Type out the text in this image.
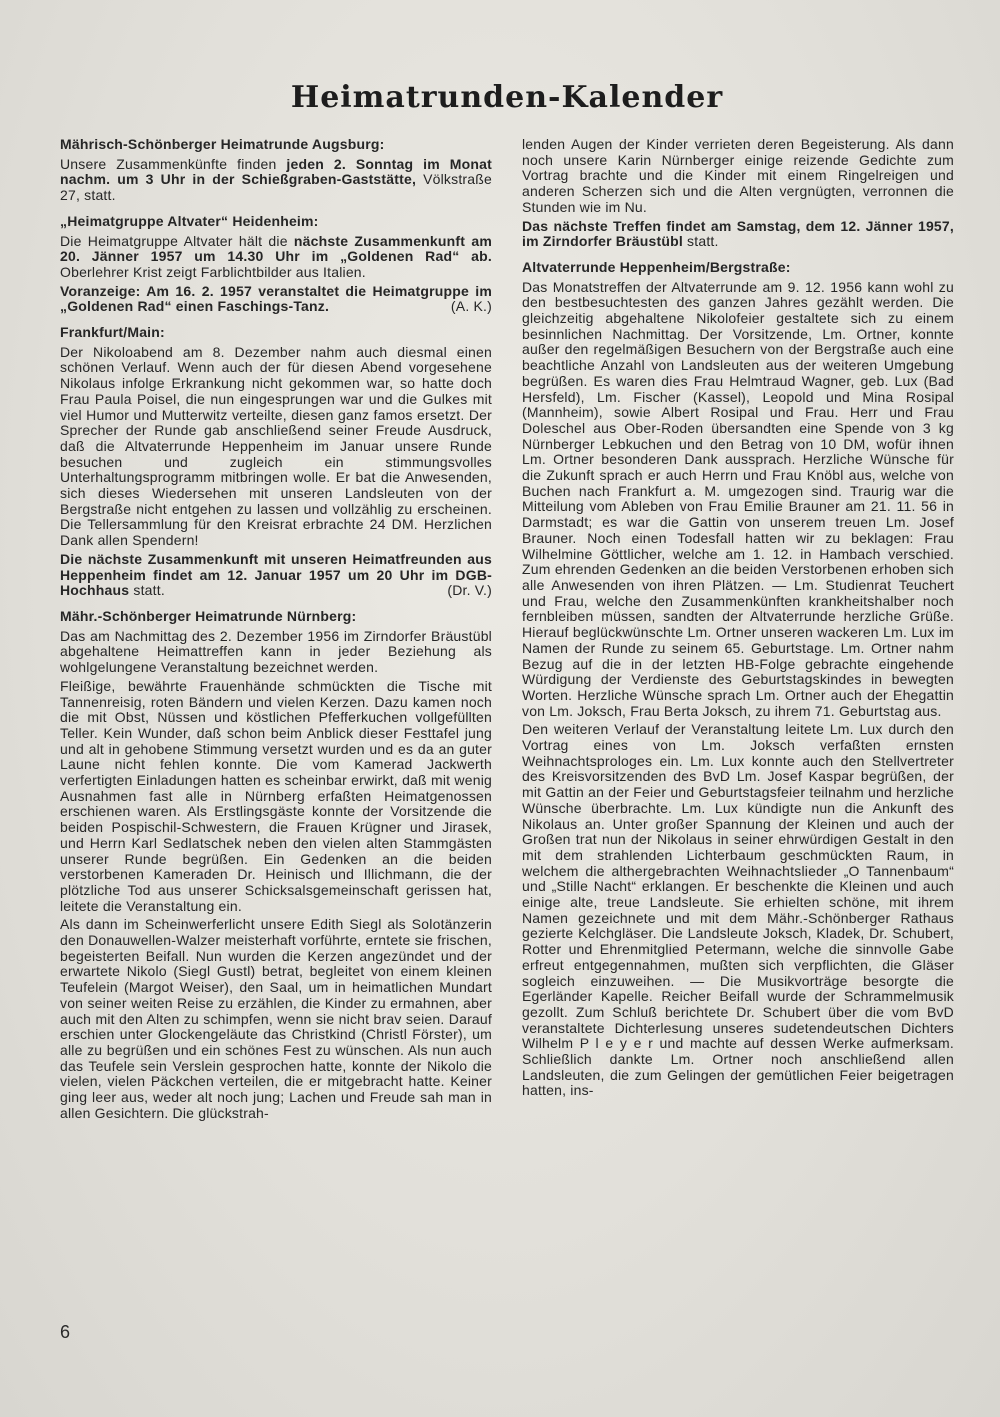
Heimatrunden-Kalender
Mährisch-Schönberger Heimatrunde Augsburg:

Unsere Zusammenkünfte finden jeden 2. Sonntag im Monat nachm. um 3 Uhr in der Schießgraben-Gaststätte, Völkstraße 27, statt.

„Heimatgruppe Altvater“ Heidenheim:

Die Heimatgruppe Altvater hält die nächste Zusammenkunft am 20. Jänner 1957 um 14.30 Uhr im „Goldenen Rad“ ab. Oberlehrer Krist zeigt Farblichtbilder aus Italien.

Voranzeige: Am 16. 2. 1957 veranstaltet die Heimatgruppe im „Goldenen Rad“ einen Faschings-Tanz.	(A. K.)

Frankfurt/Main:

Der Nikoloabend am 8. Dezember nahm auch diesmal einen schönen Verlauf. Wenn auch der für diesen Abend vorgesehene Nikolaus infolge Erkrankung nicht gekommen war, so hatte doch Frau Paula Poisel, die nun eingesprungen war und die Gulkes mit viel Humor und Mutterwitz verteilte, diesen ganz famos ersetzt. Der Sprecher der Runde gab anschließend seiner Freude Ausdruck, daß die Altvaterrunde Heppenheim im Januar unsere Runde besuchen und zugleich ein stimmungsvolles Unterhaltungsprogramm mitbringen wolle. Er bat die Anwesenden, sich dieses Wiedersehen mit unseren Landsleuten von der Bergstraße nicht entgehen zu lassen und vollzählig zu erscheinen. Die Tellersammlung für den Kreisrat erbrachte 24 DM. Herzlichen Dank allen Spendern!

Die nächste Zusammenkunft mit unseren Heimatfreunden aus Heppenheim findet am 12. Januar 1957 um 20 Uhr im DGB-Hochhaus statt.	(Dr. V.)

Mähr.-Schönberger Heimatrunde Nürnberg:

Das am Nachmittag des 2. Dezember 1956 im Zirndorfer Bräustübl abgehaltene Heimattreffen kann in jeder Beziehung als wohlgelungene Veranstaltung bezeichnet werden.

Fleißige, bewährte Frauenhände schmückten die Tische mit Tannenreisig, roten Bändern und vielen Kerzen. Dazu kamen noch die mit Obst, Nüssen und köstlichen Pfefferkuchen vollgefüllten Teller. Kein Wunder, daß schon beim Anblick dieser Festtafel jung und alt in gehobene Stimmung versetzt wurden und es da an guter Laune nicht fehlen konnte. Die vom Kamerad Jackwerth verfertigten Einladungen hatten es scheinbar erwirkt, daß mit wenig Ausnahmen fast alle in Nürnberg erfaßten Heimatgenossen erschienen waren. Als Erstlingsgäste konnte der Vorsitzende die beiden Pospischil-Schwestern, die Frauen Krügner und Jirasek, und Herrn Karl Sedlatschek neben den vielen alten Stammgästen unserer Runde begrüßen. Ein Gedenken an die beiden verstorbenen Kameraden Dr. Heinisch und Illichmann, die der plötzliche Tod aus unserer Schicksalsgemeinschaft gerissen hat, leitete die Veranstaltung ein.

Als dann im Scheinwerferlicht unsere Edith Siegl als Solotänzerin den Donauwellen-Walzer meisterhaft vorführte, erntete sie frischen, begeisterten Beifall. Nun wurden die Kerzen angezündet und der erwartete Nikolo (Siegl Gustl) betrat, begleitet von einem kleinen Teufelein (Margot Weiser), den Saal, um in heimatlichen Mundart von seiner weiten Reise zu erzählen, die Kinder zu ermahnen, aber auch mit den Alten zu schimpfen, wenn sie nicht brav seien. Darauf erschien unter Glockengeläute das Christkind (Christl Förster), um alle zu begrüßen und ein schönes Fest zu wünschen. Als nun auch das Teufele sein Verslein gesprochen hatte, konnte der Nikolo die vielen, vielen Päckchen verteilen, die er mitgebracht hatte. Keiner ging leer aus, weder alt noch jung; Lachen und Freude sah man in allen Gesichtern. Die glückstrah-

lenden Augen der Kinder verrieten deren Begeisterung. Als dann noch unsere Karin Nürnberger einige reizende Gedichte zum Vortrag brachte und die Kinder mit einem Ringelreigen und anderen Scherzen sich und die Alten vergnügten, verronnen die Stunden wie im Nu.

Das nächste Treffen findet am Samstag, dem 12. Jänner 1957, im Zirndorfer Bräustübl statt.

Altvaterrunde Heppenheim/Bergstraße:

Das Monatstreffen der Altvaterrunde am 9. 12. 1956 kann wohl zu den bestbesuchtesten des ganzen Jahres gezählt werden. Die gleichzeitig abgehaltene Nikolofeier gestaltete sich zu einem besinnlichen Nachmittag. Der Vorsitzende, Lm. Ortner, konnte außer den regelmäßigen Besuchern von der Bergstraße auch eine beachtliche Anzahl von Landsleuten aus der weiteren Umgebung begrüßen. Es waren dies Frau Helmtraud Wagner, geb. Lux (Bad Hersfeld), Lm. Fischer (Kassel), Leopold und Mina Rosipal (Mannheim), sowie Albert Rosipal und Frau. Herr und Frau Doleschel aus Ober-Roden übersandten eine Spende von 3 kg Nürnberger Lebkuchen und den Betrag von 10 DM, wofür ihnen Lm. Ortner besonderen Dank aussprach. Herzliche Wünsche für die Zukunft sprach er auch Herrn und Frau Knöbl aus, welche von Buchen nach Frankfurt a. M. umgezogen sind. Traurig war die Mitteilung vom Ableben von Frau Emilie Brauner am 21. 11. 56 in Darmstadt; es war die Gattin von unserem treuen Lm. Josef Brauner. Noch einen Todesfall hatten wir zu beklagen: Frau Wilhelmine Göttlicher, welche am 1. 12. in Hambach verschied. Zum ehrenden Gedenken an die beiden Verstorbenen erhoben sich alle Anwesenden von ihren Plätzen. — Lm. Studienrat Teuchert und Frau, welche den Zusammenkünften krankheitshalber noch fernbleiben müssen, sandten der Altvaterrunde herzliche Grüße. Hierauf beglückwünschte Lm. Ortner unseren wackeren Lm. Lux im Namen der Runde zu seinem 65. Geburtstage. Lm. Ortner nahm Bezug auf die in der letzten HB-Folge gebrachte eingehende Würdigung der Verdienste des Geburtstagskindes in bewegten Worten. Herzliche Wünsche sprach Lm. Ortner auch der Ehegattin von Lm. Joksch, Frau Berta Joksch, zu ihrem 71. Geburtstag aus.

Den weiteren Verlauf der Veranstaltung leitete Lm. Lux durch den Vortrag eines von Lm. Joksch verfaßten ernsten Weihnachtsprologes ein. Lm. Lux konnte auch den Stellvertreter des Kreisvorsitzenden des BvD Lm. Josef Kaspar begrüßen, der mit Gattin an der Feier und Geburtstagsfeier teilnahm und herzliche Wünsche überbrachte. Lm. Lux kündigte nun die Ankunft des Nikolaus an. Unter großer Spannung der Kleinen und auch der Großen trat nun der Nikolaus in seiner ehrwürdigen Gestalt in den mit dem strahlenden Lichterbaum geschmückten Raum, in welchem die althergebrachten Weihnachtslieder „O Tannenbaum“ und „Stille Nacht“ erklangen. Er beschenkte die Kleinen und auch einige alte, treue Landsleute. Sie erhielten schöne, mit ihrem Namen gezeichnete und mit dem Mähr.-Schönberger Rathaus gezierte Kelchgläser. Die Landsleute Joksch, Kladek, Dr. Schubert, Rotter und Ehrenmitglied Petermann, welche die sinnvolle Gabe erfreut entgegennahmen, mußten sich verpflichten, die Gläser sogleich einzuweihen. — Die Musikvorträge besorgte die Egerländer Kapelle. Reicher Beifall wurde der Schrammelmusik gezollt. Zum Schluß berichtete Dr. Schubert über die vom BvD veranstaltete Dichterlesung unseres sudetendeutschen Dichters Wilhelm P l e y e r und machte auf dessen Werke aufmerksam. Schließlich dankte Lm. Ortner noch anschließend allen Landsleuten, die zum Gelingen der gemütlichen Feier beigetragen hatten, ins-

6
